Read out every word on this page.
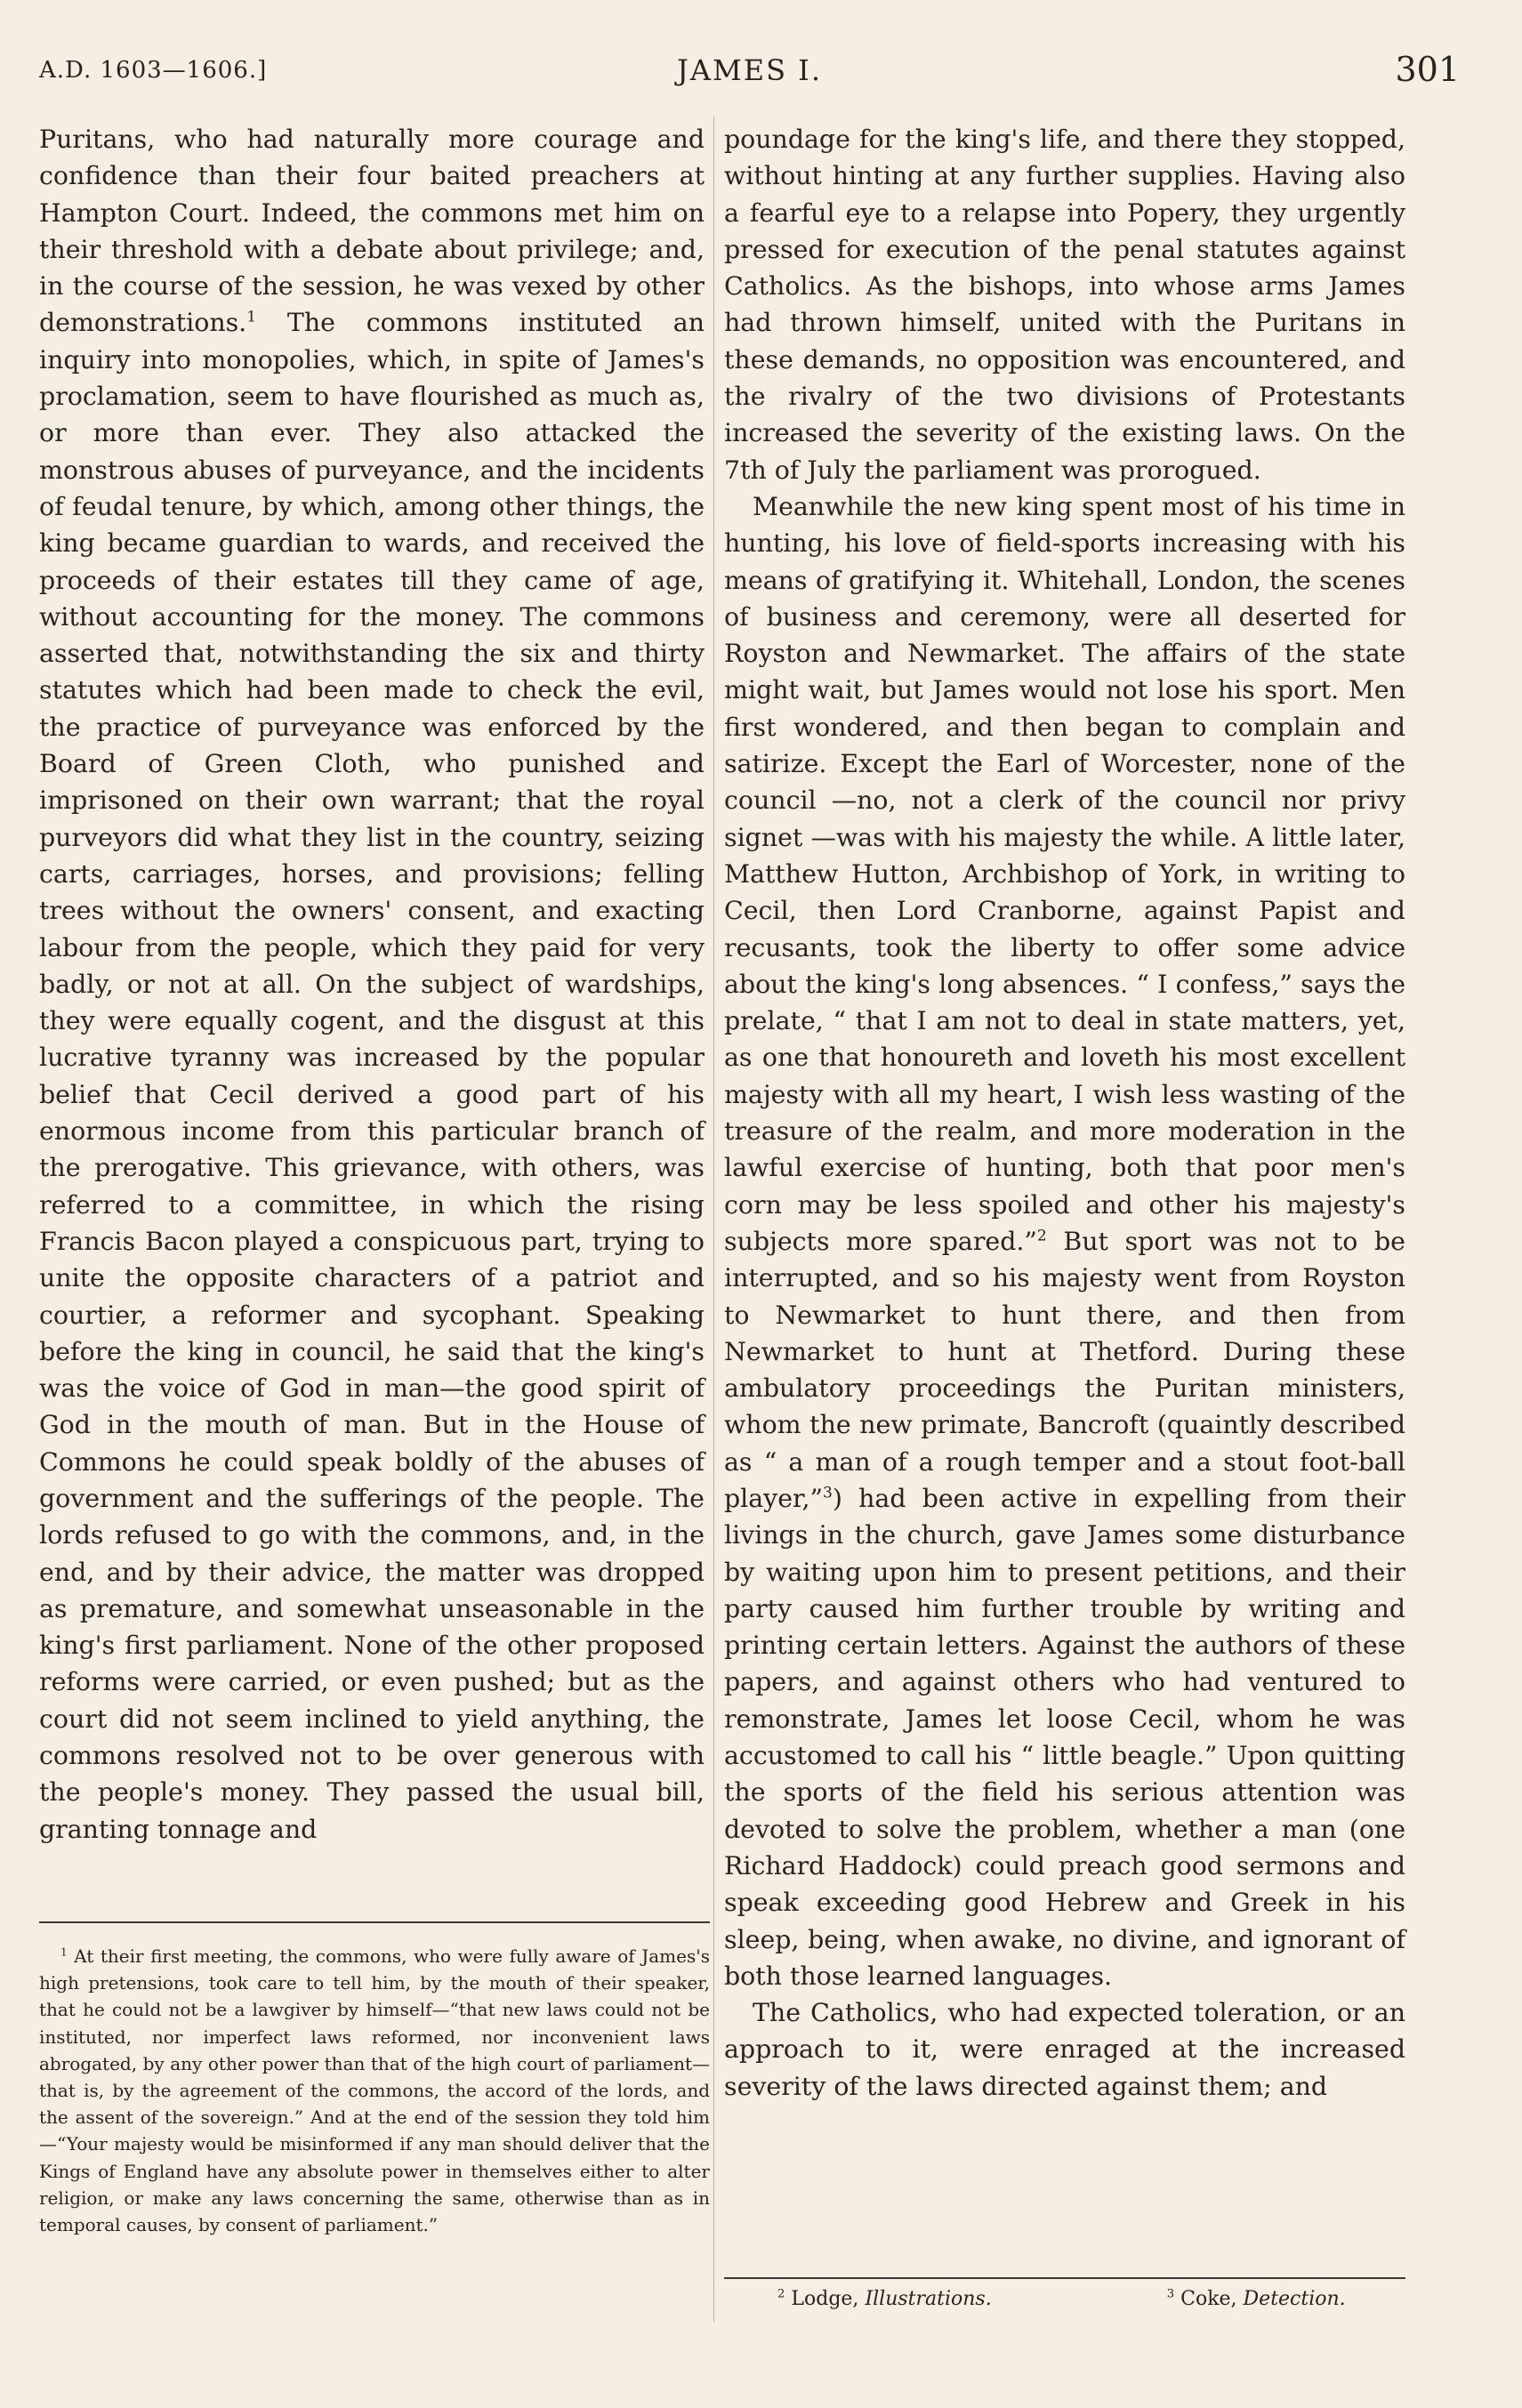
A.D. 1603—1606.]	JAMES I.	301

Puritans, who had naturally more courage and confidence than their four baited preachers at Hampton Court. Indeed, the commons met him on their threshold with a debate about privilege; and, in the course of the session, he was vexed by other demonstrations.$^1$ The commons instituted an inquiry into monopolies, which, in spite of James's proclamation, seem to have flourished as much as, or more than ever. They also attacked the monstrous abuses of purveyance, and the incidents of feudal tenure, by which, among other things, the king became guardian to wards, and received the proceeds of their estates till they came of age, without accounting for the money. The commons asserted that, notwithstanding the six and thirty statutes which had been made to check the evil, the practice of purveyance was enforced by the Board of Green Cloth, who punished and imprisoned on their own warrant; that the royal purveyors did what they list in the country, seizing carts, carriages, horses, and provisions; felling trees without the owners' consent, and exacting labour from the people, which they paid for very badly, or not at all. On the subject of wardships, they were equally cogent, and the disgust at this lucrative tyranny was increased by the popular belief that Cecil derived a good part of his enormous income from this particular branch of the prerogative. This grievance, with others, was referred to a committee, in which the rising Francis Bacon played a conspicuous part, trying to unite the opposite characters of a patriot and courtier, a reformer and sycophant. Speaking before the king in council, he said that the king's was the voice of God in man—the good spirit of God in the mouth of man. But in the House of Commons he could speak boldly of the abuses of government and the sufferings of the people. The lords refused to go with the commons, and, in the end, and by their advice, the matter was dropped as premature, and somewhat unseasonable in the king's first parliament. None of the other proposed reforms were carried, or even pushed; but as the court did not seem inclined to yield anything, the commons resolved not to be over generous with the people's money. They passed the usual bill, granting tonnage and

$^1$ At their first meeting, the commons, who were fully aware of James's high pretensions, took care to tell him, by the mouth of their speaker, that he could not be a lawgiver by himself—“that new laws could not be instituted, nor imperfect laws reformed, nor inconvenient laws abrogated, by any other power than that of the high court of parliament—that is, by the agreement of the commons, the accord of the lords, and the assent of the sovereign.” And at the end of the session they told him—“Your majesty would be misinformed if any man should deliver that the Kings of England have any absolute power in themselves either to alter religion, or make any laws concerning the same, otherwise than as in temporal causes, by consent of parliament.”

poundage for the king's life, and there they stopped, without hinting at any further supplies. Having also a fearful eye to a relapse into Popery, they urgently pressed for execution of the penal statutes against Catholics. As the bishops, into whose arms James had thrown himself, united with the Puritans in these demands, no opposition was encountered, and the rivalry of the two divisions of Protestants increased the severity of the existing laws. On the 7th of July the parliament was prorogued.

Meanwhile the new king spent most of his time in hunting, his love of field-sports increasing with his means of gratifying it. Whitehall, London, the scenes of business and ceremony, were all deserted for Royston and Newmarket. The affairs of the state might wait, but James would not lose his sport. Men first wondered, and then began to complain and satirize. Except the Earl of Worcester, none of the council —no, not a clerk of the council nor privy signet —was with his majesty the while. A little later, Matthew Hutton, Archbishop of York, in writing to Cecil, then Lord Cranborne, against Papist and recusants, took the liberty to offer some advice about the king's long absences. “ I confess,” says the prelate, “ that I am not to deal in state matters, yet, as one that honoureth and loveth his most excellent majesty with all my heart, I wish less wasting of the treasure of the realm, and more moderation in the lawful exercise of hunting, both that poor men's corn may be less spoiled and other his majesty's subjects more spared.”$^2$ But sport was not to be interrupted, and so his majesty went from Royston to Newmarket to hunt there, and then from Newmarket to hunt at Thetford. During these ambulatory proceedings the Puritan ministers, whom the new primate, Bancroft (quaintly described as “ a man of a rough temper and a stout foot-ball player,”$^3$) had been active in expelling from their livings in the church, gave James some disturbance by waiting upon him to present petitions, and their party caused him further trouble by writing and printing certain letters. Against the authors of these papers, and against others who had ventured to remonstrate, James let loose Cecil, whom he was accustomed to call his “ little beagle.” Upon quitting the sports of the field his serious attention was devoted to solve the problem, whether a man (one Richard Haddock) could preach good sermons and speak exceeding good Hebrew and Greek in his sleep, being, when awake, no divine, and ignorant of both those learned languages.

The Catholics, who had expected toleration, or an approach to it, were enraged at the increased severity of the laws directed against them; and

$^2$ Lodge, Illustrations.	$^3$ Coke, Detection.
